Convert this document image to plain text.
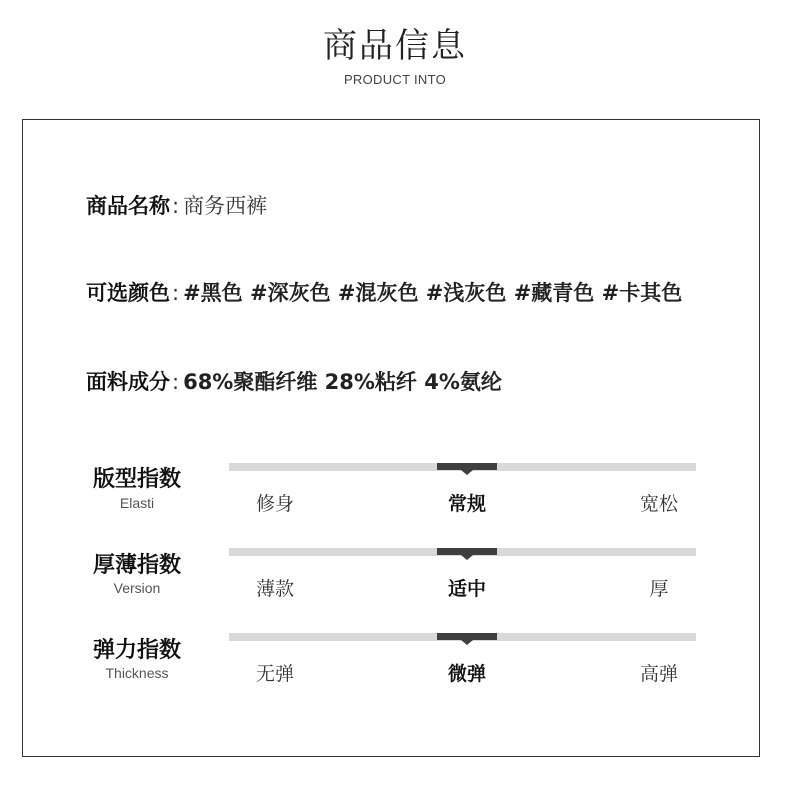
商品信息
PRODUCT INTO
商品名称: 商务西裤
可选颜色: #黑色 #深灰色 #混灰色 #浅灰色 #藏青色 #卡其色
面料成分: 68%聚酯纤维 28%粘纤 4%氨纶
版型指数
Elasti	修身	常规	宽松
厚薄指数
Version	薄款	适中	厚
弹力指数
Thickness	无弹	微弹	高弹
